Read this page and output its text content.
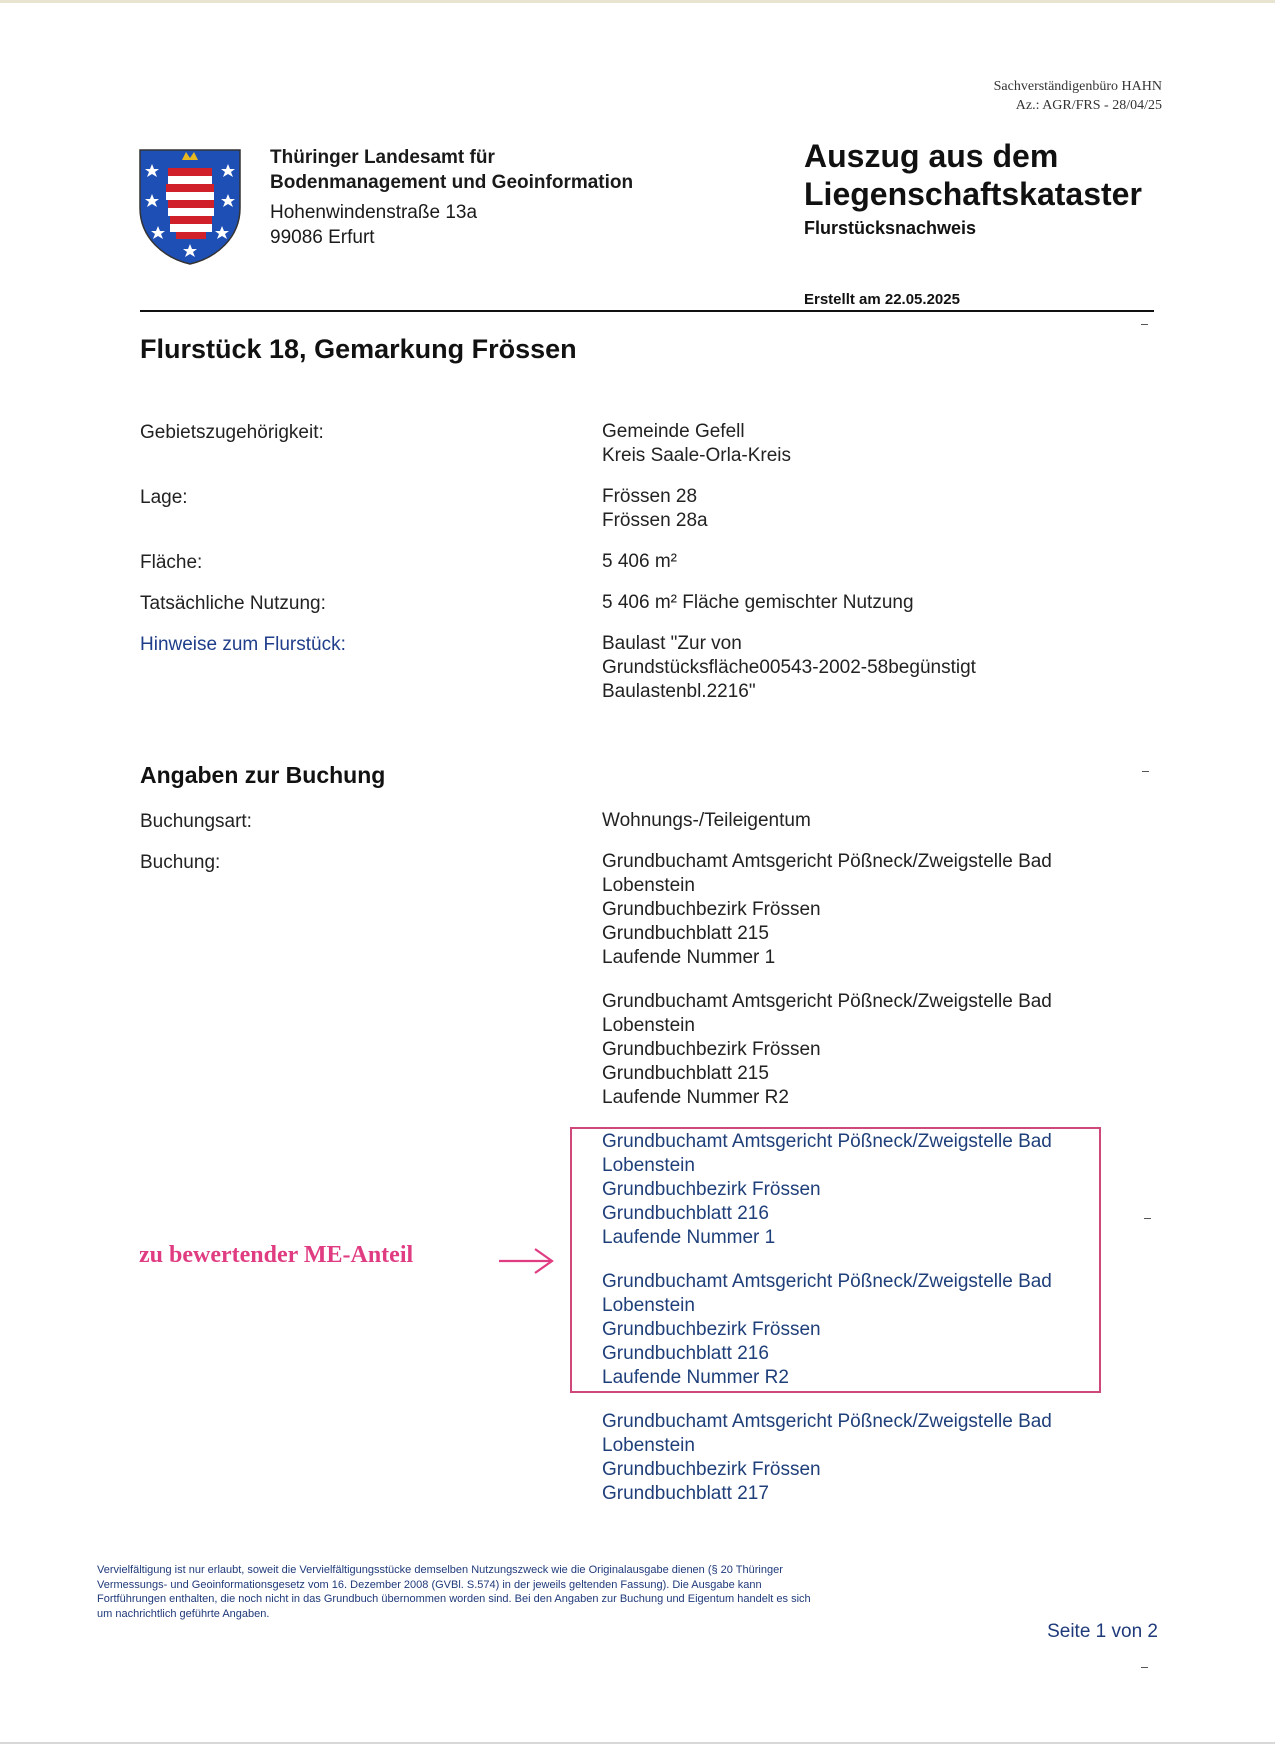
Sachverständigenbüro HAHN
Az.: AGR/FRS - 28/04/25
Thüringer Landesamt für
Bodenmanagement und Geoinformation
Hohenwindenstraße 13a
99086 Erfurt
Auszug aus dem
Liegenschaftskataster
Flurstücksnachweis
Erstellt am 22.05.2025
Flurstück 18, Gemarkung Frössen
Gebietszugehörigkeit:	Gemeinde Gefell
Kreis Saale-Orla-Kreis
Lage:	Frössen 28
Frössen 28a
Fläche:	5 406 m²
Tatsächliche Nutzung:	5 406 m² Fläche gemischter Nutzung
Hinweise zum Flurstück:	Baulast "Zur von
Grundstücksfläche00543-2002-58begünstigt
Baulastenbl.2216"
Angaben zur Buchung
Buchungsart:	Wohnungs-/Teileigentum
Buchung:	Grundbuchamt Amtsgericht Pößneck/Zweigstelle Bad
Lobenstein
Grundbuchbezirk Frössen
Grundbuchblatt 215
Laufende Nummer 1
Grundbuchamt Amtsgericht Pößneck/Zweigstelle Bad
Lobenstein
Grundbuchbezirk Frössen
Grundbuchblatt 215
Laufende Nummer R2
Grundbuchamt Amtsgericht Pößneck/Zweigstelle Bad
Lobenstein
Grundbuchbezirk Frössen
Grundbuchblatt 216
Laufende Nummer 1
Grundbuchamt Amtsgericht Pößneck/Zweigstelle Bad
Lobenstein
Grundbuchbezirk Frössen
Grundbuchblatt 216
Laufende Nummer R2
Grundbuchamt Amtsgericht Pößneck/Zweigstelle Bad
Lobenstein
Grundbuchbezirk Frössen
Grundbuchblatt 217
zu bewertender ME-Anteil
Vervielfältigung ist nur erlaubt, soweit die Vervielfältigungsstücke demselben Nutzungszweck wie die Originalausgabe dienen (§ 20 Thüringer
Vermessungs- und Geoinformationsgesetz vom 16. Dezember 2008 (GVBl. S.574) in der jeweils geltenden Fassung). Die Ausgabe kann
Fortführungen enthalten, die noch nicht in das Grundbuch übernommen worden sind. Bei den Angaben zur Buchung und Eigentum handelt es sich
um nachrichtlich geführte Angaben.
Seite 1 von 2
